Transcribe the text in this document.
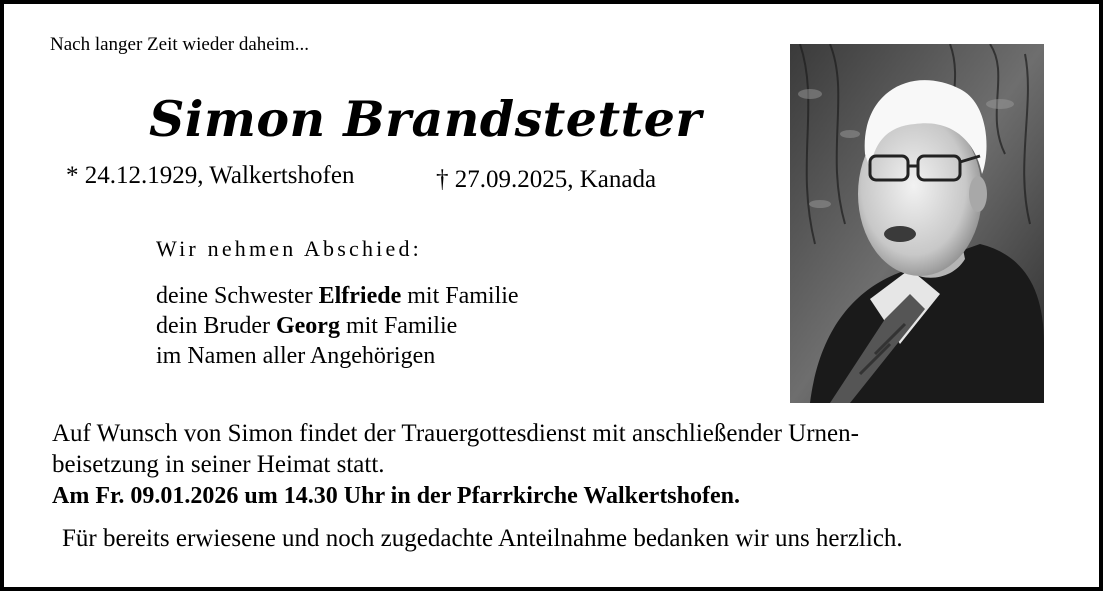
Nach langer Zeit wieder daheim...
Simon Brandstetter
* 24.12.1929, Walkertshofen	† 27.09.2025, Kanada
Wir nehmen Abschied:
deine Schwester Elfriede mit Familie
dein Bruder Georg mit Familie
im Namen aller Angehörigen
Auf Wunsch von Simon findet der Trauergottesdienst mit anschließender Urnen-
beisetzung in seiner Heimat statt.
Am Fr. 09.01.2026 um 14.30 Uhr in der Pfarrkirche Walkertshofen.
Für bereits erwiesene und noch zugedachte Anteilnahme bedanken wir uns herzlich.
